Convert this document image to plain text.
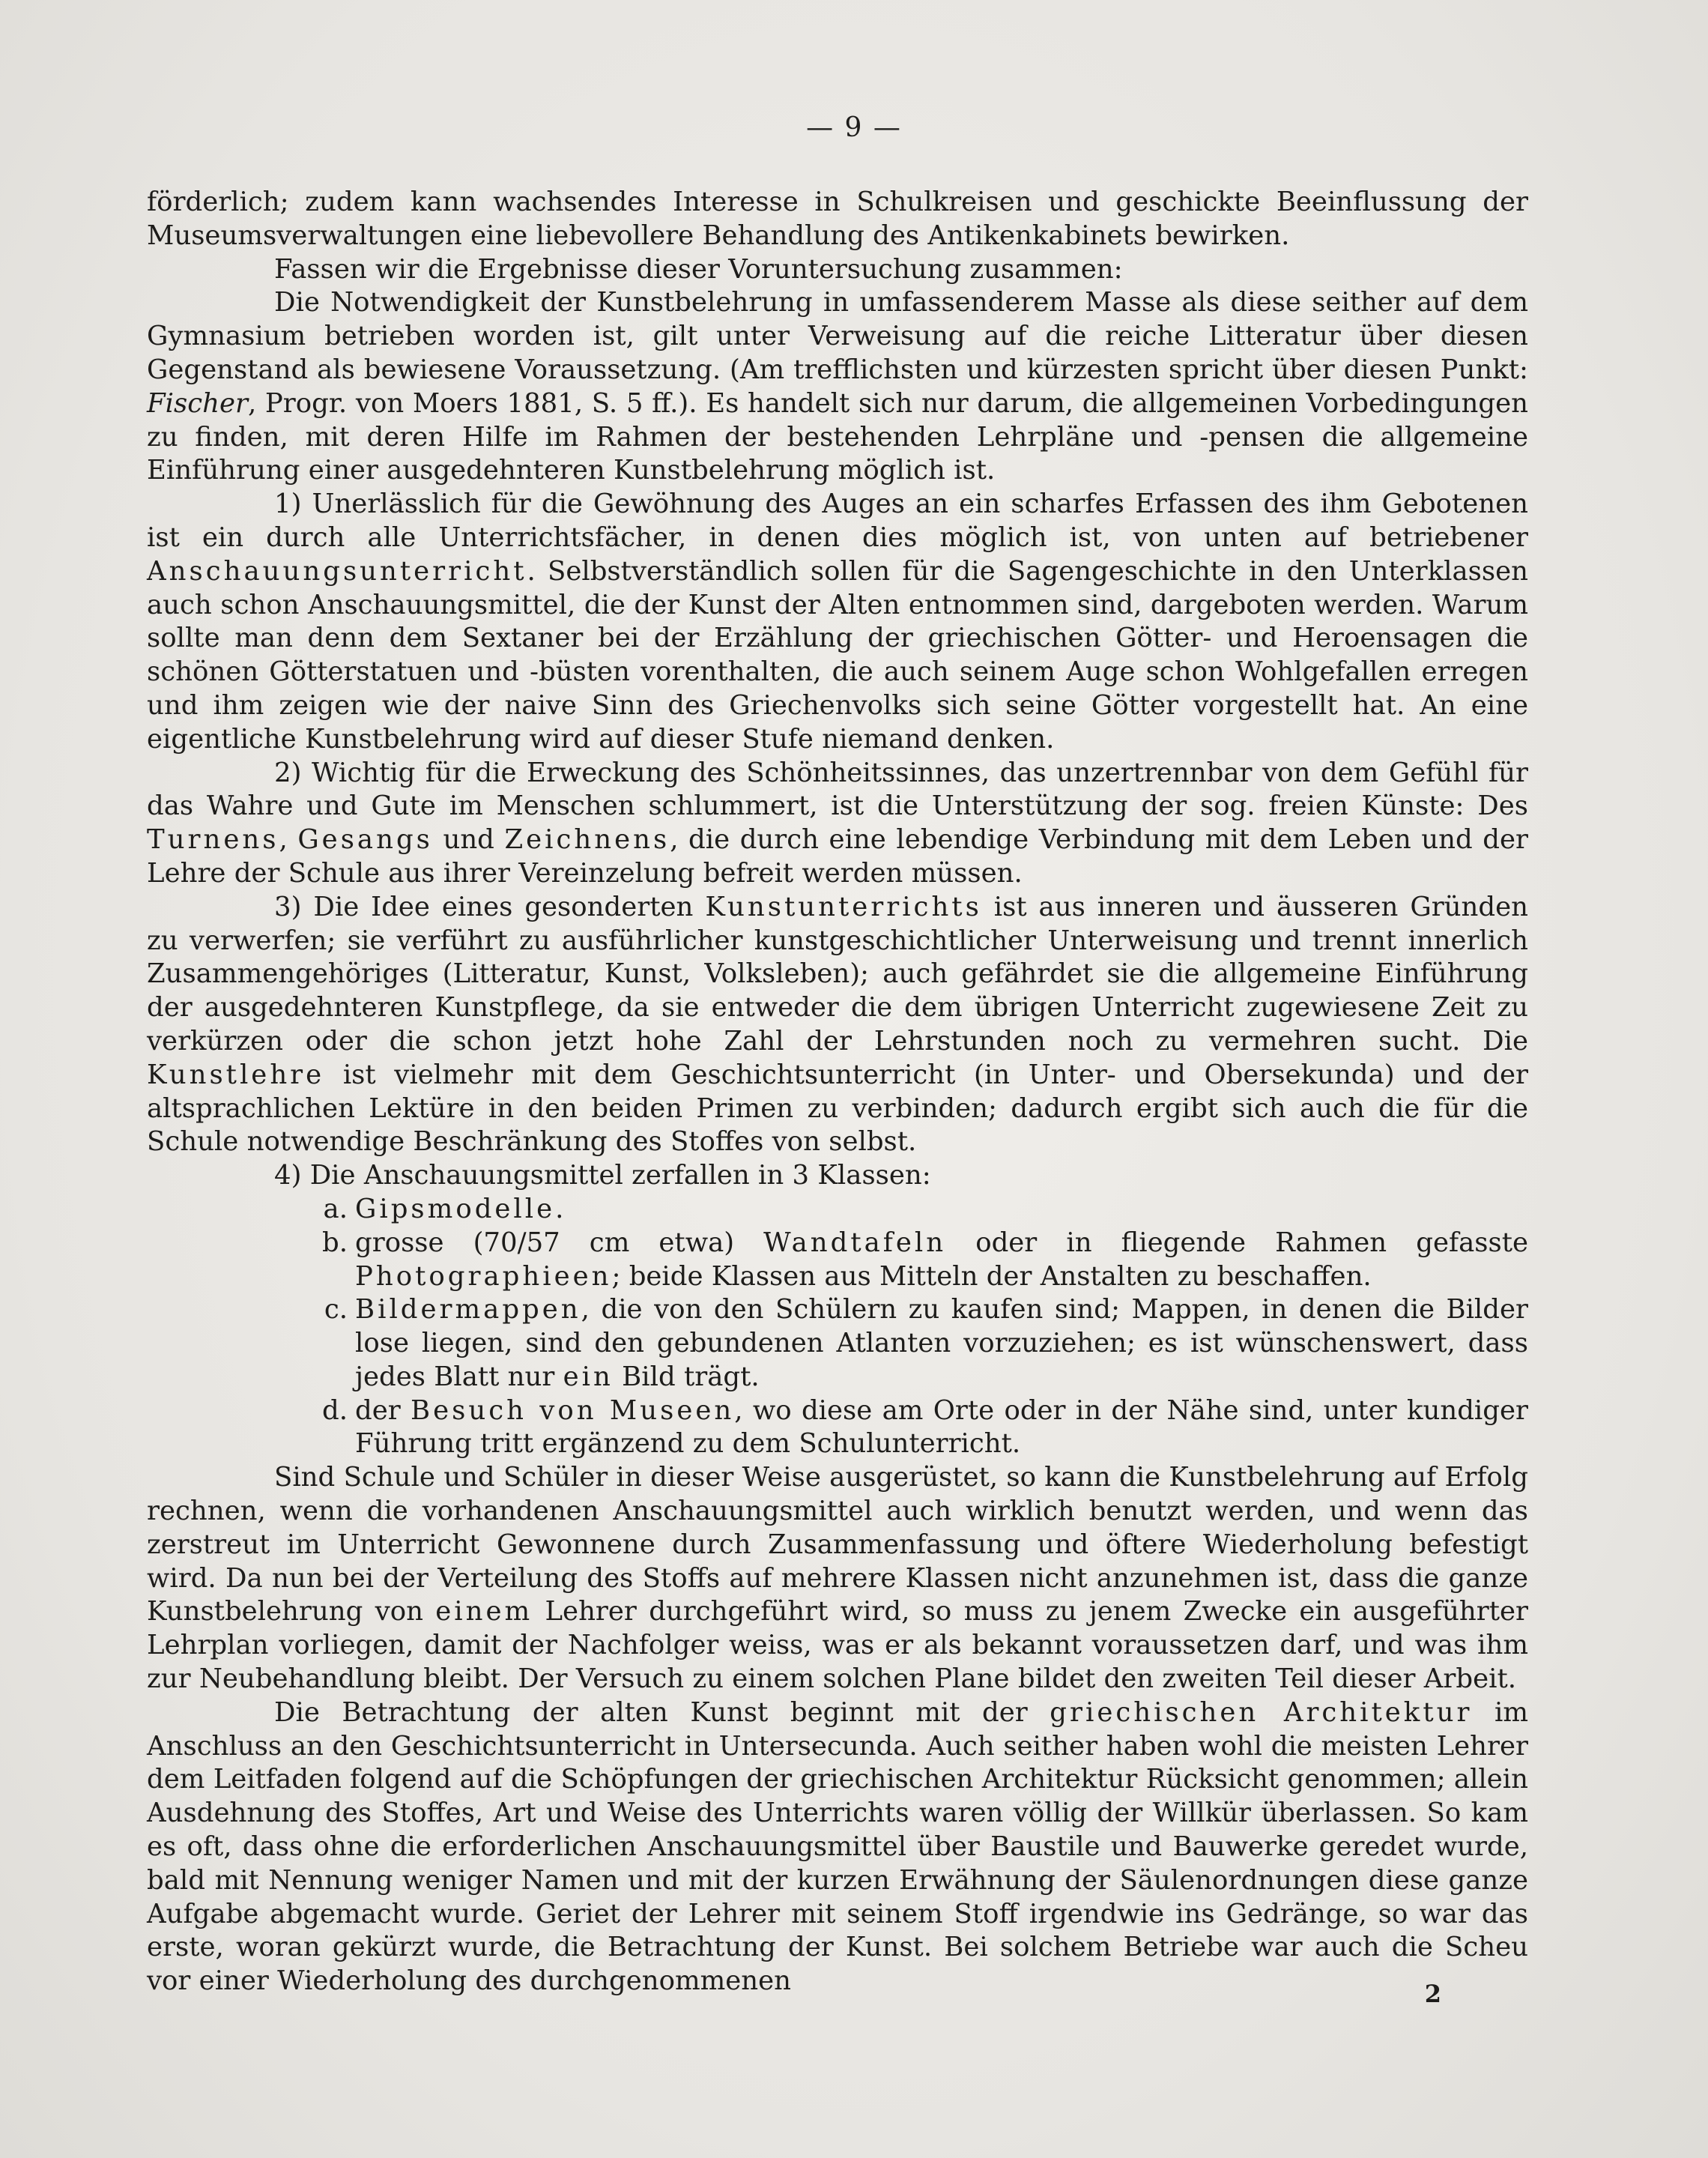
— 9 —

förderlich; zudem kann wachsendes Interesse in Schulkreisen und geschickte Beeinflussung der Museumsverwaltungen eine liebevollere Behandlung des Antikenkabinets bewirken.

Fassen wir die Ergebnisse dieser Voruntersuchung zusammen:

Die Notwendigkeit der Kunstbelehrung in umfassenderem Masse als diese seither auf dem Gymnasium betrieben worden ist, gilt unter Verweisung auf die reiche Litteratur über diesen Gegenstand als bewiesene Voraussetzung. (Am trefflichsten und kürzesten spricht über diesen Punkt: Fischer, Progr. von Moers 1881, S. 5 ff.). Es handelt sich nur darum, die allgemeinen Vorbedingungen zu finden, mit deren Hilfe im Rahmen der bestehenden Lehrpläne und -pensen die allgemeine Einführung einer ausgedehnteren Kunstbelehrung möglich ist.

1) Unerlässlich für die Gewöhnung des Auges an ein scharfes Erfassen des ihm Gebotenen ist ein durch alle Unterrichtsfächer, in denen dies möglich ist, von unten auf betriebener Anschauungsunterricht. Selbstverständlich sollen für die Sagengeschichte in den Unterklassen auch schon Anschauungsmittel, die der Kunst der Alten entnommen sind, dargeboten werden. Warum sollte man denn dem Sextaner bei der Erzählung der griechischen Götter- und Heroensagen die schönen Götterstatuen und -büsten vorenthalten, die auch seinem Auge schon Wohlgefallen erregen und ihm zeigen wie der naive Sinn des Griechenvolks sich seine Götter vorgestellt hat. An eine eigentliche Kunstbelehrung wird auf dieser Stufe niemand denken.

2) Wichtig für die Erweckung des Schönheitssinnes, das unzertrennbar von dem Gefühl für das Wahre und Gute im Menschen schlummert, ist die Unterstützung der sog. freien Künste: Des Turnens, Gesangs und Zeichnens, die durch eine lebendige Verbindung mit dem Leben und der Lehre der Schule aus ihrer Vereinzelung befreit werden müssen.

3) Die Idee eines gesonderten Kunstunterrichts ist aus inneren und äusseren Gründen zu verwerfen; sie verführt zu ausführlicher kunstgeschichtlicher Unterweisung und trennt innerlich Zusammengehöriges (Litteratur, Kunst, Volksleben); auch gefährdet sie die allgemeine Einführung der ausgedehnteren Kunstpflege, da sie entweder die dem übrigen Unterricht zugewiesene Zeit zu verkürzen oder die schon jetzt hohe Zahl der Lehrstunden noch zu vermehren sucht. Die Kunstlehre ist vielmehr mit dem Geschichtsunterricht (in Unter- und Obersekunda) und der altsprachlichen Lektüre in den beiden Primen zu verbinden; dadurch ergibt sich auch die für die Schule notwendige Beschränkung des Stoffes von selbst.

4) Die Anschauungsmittel zerfallen in 3 Klassen:

a. Gipsmodelle.
b. grosse (70/57 cm etwa) Wandtafeln oder in fliegende Rahmen gefasste Photographieen; beide Klassen aus Mitteln der Anstalten zu beschaffen.
c. Bildermappen, die von den Schülern zu kaufen sind; Mappen, in denen die Bilder lose liegen, sind den gebundenen Atlanten vorzuziehen; es ist wünschenswert, dass jedes Blatt nur ein Bild trägt.
d. der Besuch von Museen, wo diese am Orte oder in der Nähe sind, unter kundiger Führung tritt ergänzend zu dem Schulunterricht.

Sind Schule und Schüler in dieser Weise ausgerüstet, so kann die Kunstbelehrung auf Erfolg rechnen, wenn die vorhandenen Anschauungsmittel auch wirklich benutzt werden, und wenn das zerstreut im Unterricht Gewonnene durch Zusammenfassung und öftere Wiederholung befestigt wird. Da nun bei der Verteilung des Stoffs auf mehrere Klassen nicht anzunehmen ist, dass die ganze Kunstbelehrung von einem Lehrer durchgeführt wird, so muss zu jenem Zwecke ein ausgeführter Lehrplan vorliegen, damit der Nachfolger weiss, was er als bekannt voraussetzen darf, und was ihm zur Neubehandlung bleibt. Der Versuch zu einem solchen Plane bildet den zweiten Teil dieser Arbeit.

Die Betrachtung der alten Kunst beginnt mit der griechischen Architektur im Anschluss an den Geschichtsunterricht in Untersecunda. Auch seither haben wohl die meisten Lehrer dem Leitfaden folgend auf die Schöpfungen der griechischen Architektur Rücksicht genommen; allein Ausdehnung des Stoffes, Art und Weise des Unterrichts waren völlig der Willkür überlassen. So kam es oft, dass ohne die erforderlichen Anschauungsmittel über Baustile und Bauwerke geredet wurde, bald mit Nennung weniger Namen und mit der kurzen Erwähnung der Säulenordnungen diese ganze Aufgabe abgemacht wurde. Geriet der Lehrer mit seinem Stoff irgendwie ins Gedränge, so war das erste, woran gekürzt wurde, die Betrachtung der Kunst. Bei solchem Betriebe war auch die Scheu vor einer Wiederholung des durchgenommenen	2
